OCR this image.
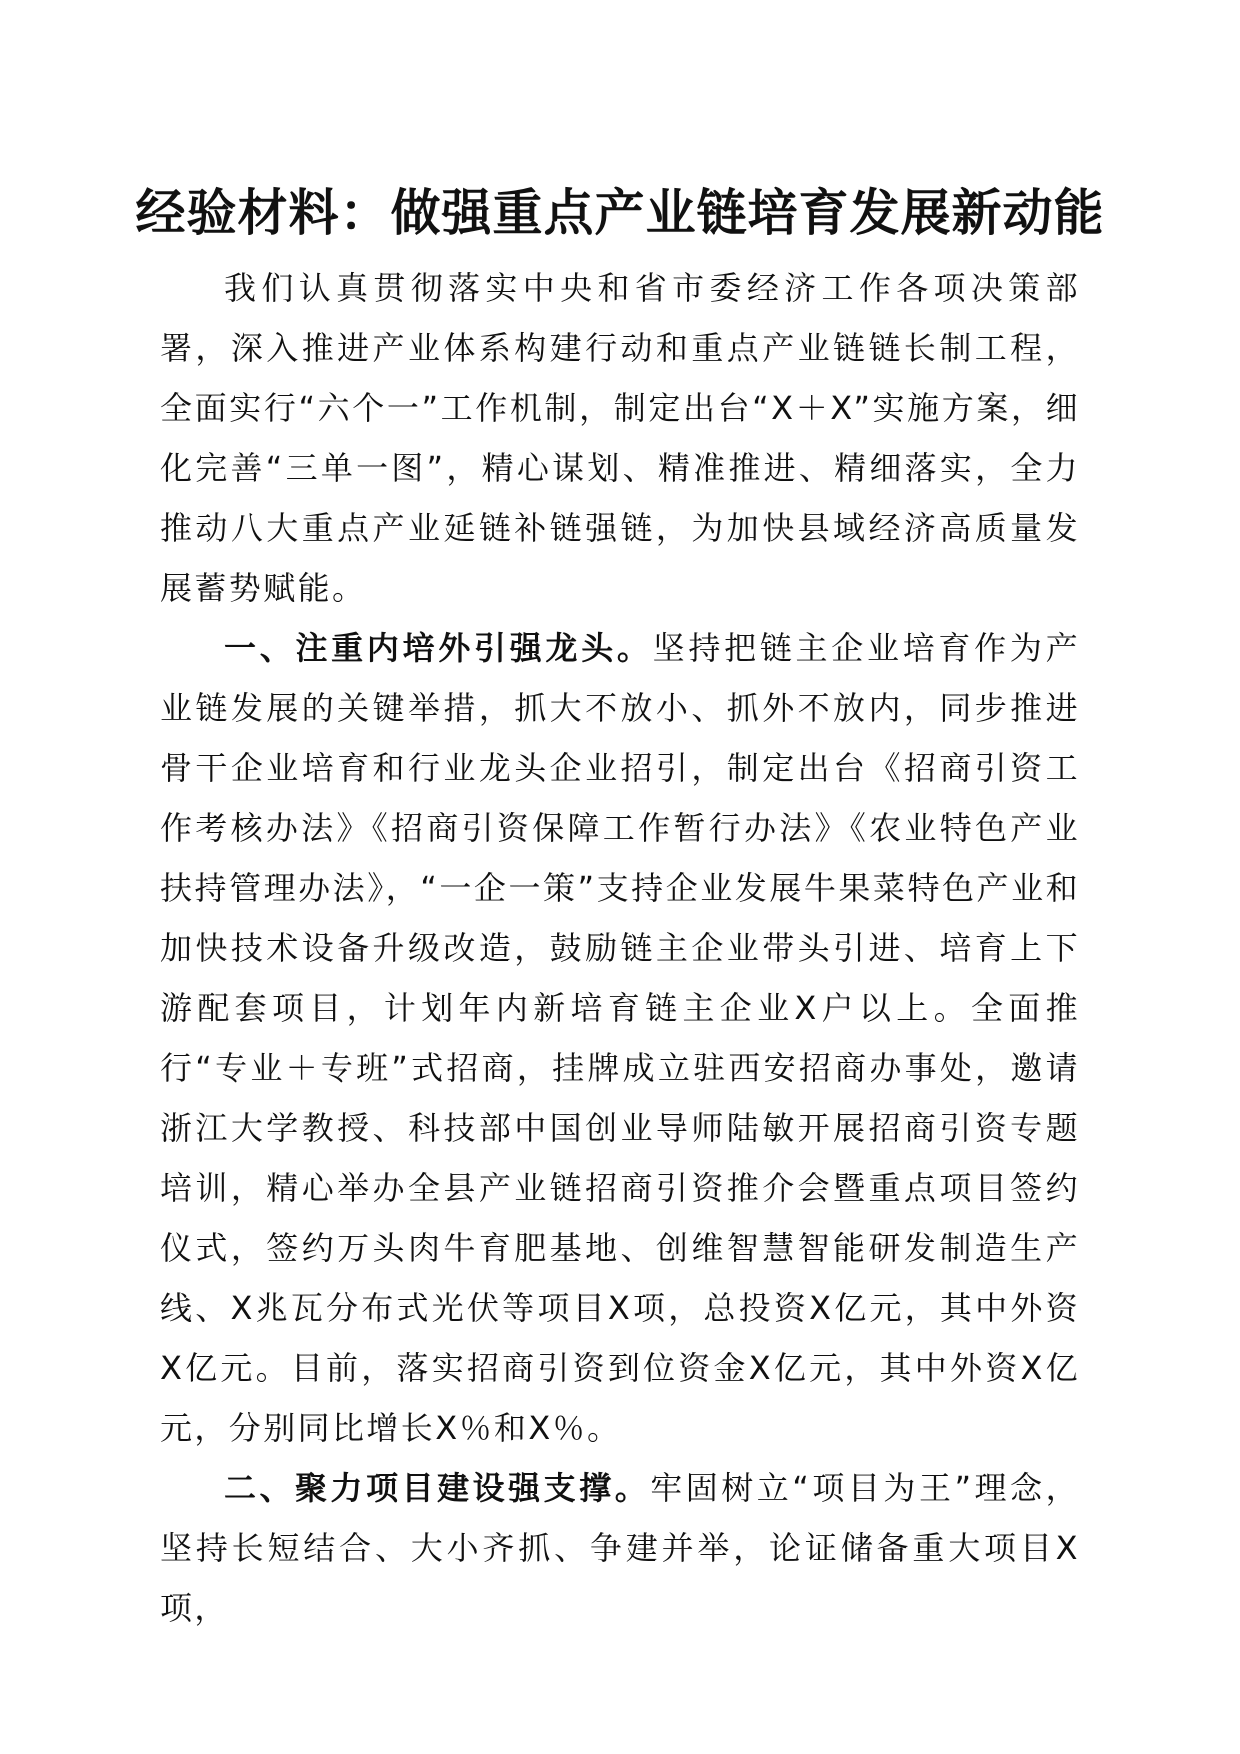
经验材料：做强重点产业链培育发展新动能

我们认真贯彻落实中央和省市委经济工作各项决策部署，深入推进产业体系构建行动和重点产业链链长制工程，全面实行“六个一”工作机制，制定出台“X＋X”实施方案，细化完善“三单一图”，精心谋划、精准推进、精细落实，全力推动八大重点产业延链补链强链，为加快县域经济高质量发展蓄势赋能。

一、注重内培外引强龙头。坚持把链主企业培育作为产业链发展的关键举措，抓大不放小、抓外不放内，同步推进骨干企业培育和行业龙头企业招引，制定出台《招商引资工作考核办法》《招商引资保障工作暂行办法》《农业特色产业扶持管理办法》，“一企一策”支持企业发展牛果菜特色产业和加快技术设备升级改造，鼓励链主企业带头引进、培育上下游配套项目，计划年内新培育链主企业X户以上。全面推行“专业＋专班”式招商，挂牌成立驻西安招商办事处，邀请浙江大学教授、科技部中国创业导师陆敏开展招商引资专题培训，精心举办全县产业链招商引资推介会暨重点项目签约仪式，签约万头肉牛育肥基地、创维智慧智能研发制造生产线、X兆瓦分布式光伏等项目X项，总投资X亿元，其中外资X亿元。目前，落实招商引资到位资金X亿元，其中外资X亿元，分别同比增长X％和X％。

二、聚力项目建设强支撑。牢固树立“项目为王”理念，坚持长短结合、大小齐抓、争建并举，论证储备重大项目X项，
